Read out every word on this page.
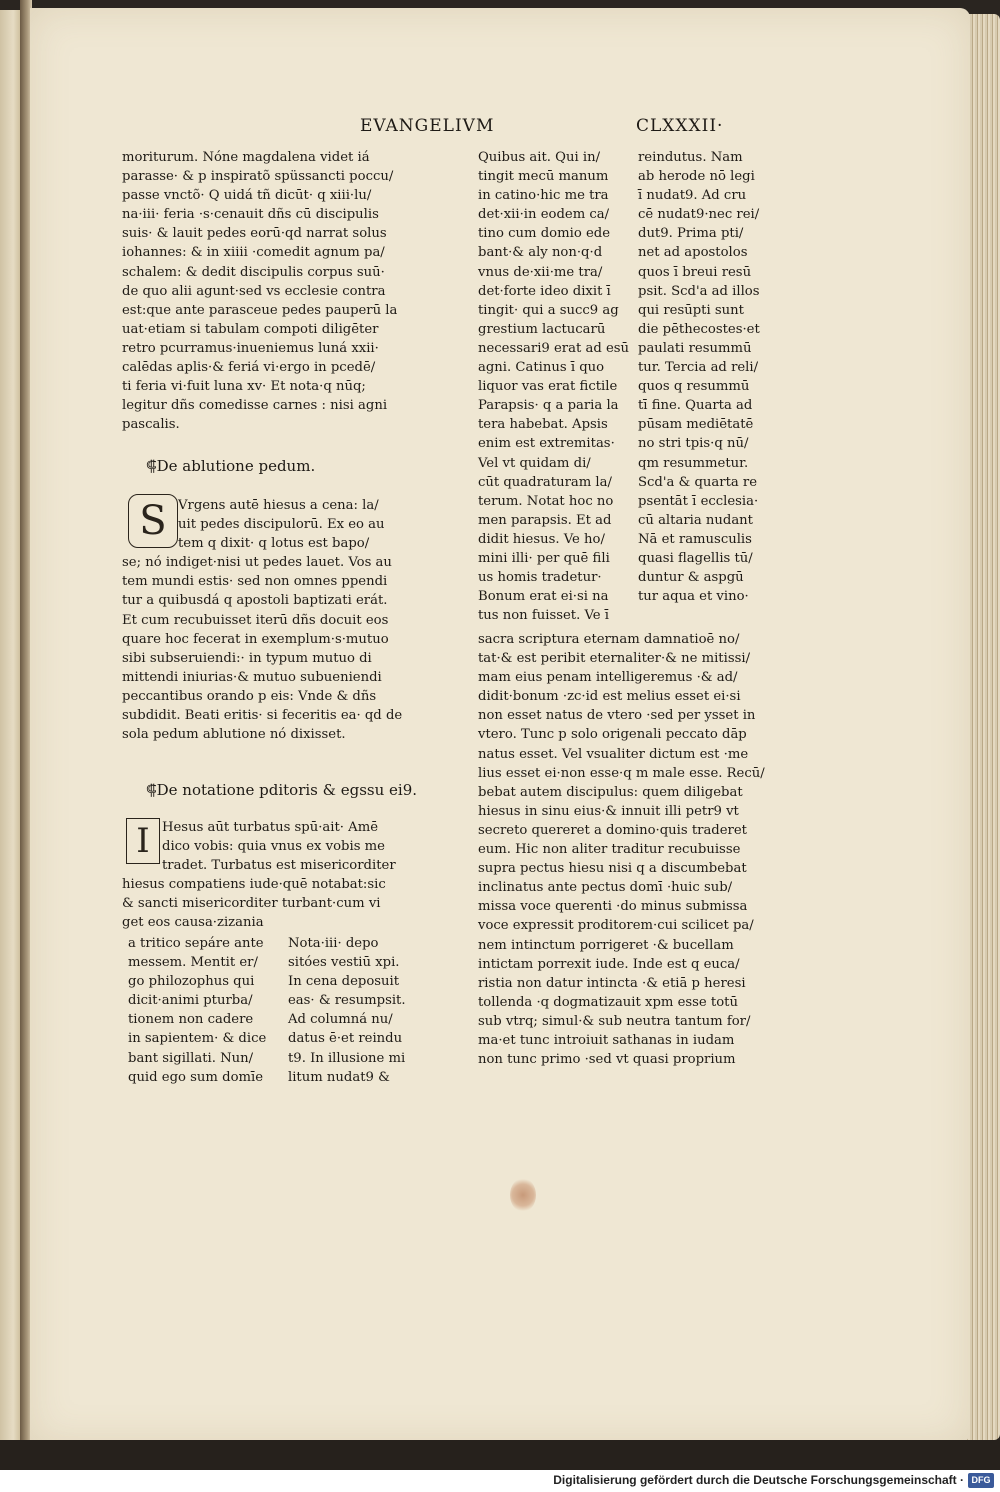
EVANGELIVM	CLXXXII·
moriturum. Nóne magdalena videt iá
parasse· & p inspiratõ spüssancti poccu/
passe vnctõ· Q uidá tñ dicūt· q xiii·lu/
na·iii· feria ·s·cenauit dñs cū discipulis
suis· & lauit pedes eorū·qd narrat solus
iohannes: & in xiiii ·comedit agnum pa/
schalem: & dedit discipulis corpus suū·
de quo alii agunt·sed vs ecclesie contra
est:que ante parasceue pedes pauperū la
uat·etiam si tabulam compoti diligēter
retro pcurramus·inueniemus luná xxii·
calēdas aplis·& feriá vi·ergo in pcedē/
ti feria vi·fuit luna xv· Et nota·q nūq;
legitur dñs comedisse carnes : nisi agni
pascalis.
⸿De ablutione pedum.
S Vrgens autē hiesus a cena: la/
uit pedes discipulorū. Ex eo au
tem q dixit· q lotus est bapo/
se; nó indiget·nisi ut pedes lauet. Vos au
tem mundi estis· sed non omnes ppendi
tur a quibusdá q apostoli baptizati erát.
Et cum recubuisset iterū dñs docuit eos
quare hoc fecerat in exemplum·s·mutuo
sibi subseruiendi:· in typum mutuo di
mittendi iniurias·& mutuo subueniendi
peccantibus orando p eis: Vnde & dñs
subdidit. Beati eritis· si feceritis ea· qd de
sola pedum ablutione nó dixisset.
⸿De notatione pditoris & egssu ei9.
I Hesus aūt turbatus spū·ait· Amē
dico vobis: quia vnus ex vobis me
tradet. Turbatus est misericorditer
hiesus compatiens iude·quē notabat:sic
& sancti misericorditer turbant·cum vi
get eos causa·zizania
a tritico sepáre ante
messem. Mentit er/
go philozophus qui
dicit·animi pturba/
tionem non cadere
in sapientem· & dice
bant sigillati. Nun/
quid ego sum domīe
Nota·iii· depo
sitóes vestiū xpi.
In cena deposuit
eas· & resumpsit.
Ad columná nu/
datus ē·et reindu
t9. In illusione mi
litum nudat9 &
Quibus ait. Qui in/
tingit mecū manum
in catino·hic me tra
det·xii·in eodem ca/
tino cum domio ede
bant·& aly non·q·d
vnus de·xii·me tra/
det·forte ideo dixit ī
tingit· qui a succ9 ag
grestium lactucarū
necessari9 erat ad esū
agni. Catinus ī quo
liquor vas erat fictile
Parapsis· q a paria la
tera habebat. Apsis
enim est extremitas·
Vel vt quidam di/
cūt quadraturam la/
terum. Notat hoc no
men parapsis. Et ad
didit hiesus. Ve ho/
mini illi· per quē fili
us homis tradetur·
Bonum erat ei·si na
tus non fuisset. Ve ī
reindutus. Nam
ab herode nō legi
ī nudat9. Ad cru
cē nudat9·nec rei/
dut9. Prima pti/
net ad apostolos
quos ī breui resū
psit. Scd'a ad illos
qui resūpti sunt
die pēthecostes·et
paulati resummū
tur. Tercia ad reli/
quos q resummū
tī fine. Quarta ad
pūsam mediētatē
no stri tpis·q nū/
qm resummetur.
Scd'a & quarta re
psentāt ī ecclesia·
cū altaria nudant
Nā et ramusculis
quasi flagellis tū/
duntur & aspgū
tur aqua et vino·
sacra scriptura eternam damnatioē no/
tat·& est peribit eternaliter·& ne mitissi/
mam eius penam intelligeremus ·& ad/
didit·bonum ·zc·id est melius esset ei·si
non esset natus de vtero ·sed per ysset in
vtero. Tunc p solo origenali peccato dāp
natus esset. Vel vsualiter dictum est ·me
lius esset ei·non esse·q m male esse. Recū/
bebat autem discipulus: quem diligebat
hiesus in sinu eius·& innuit illi petr9 vt
secreto quereret a domino·quis traderet
eum. Hic non aliter traditur recubuisse
supra pectus hiesu nisi q a discumbebat
inclinatus ante pectus domī ·huic sub/
missa voce querenti ·do minus submissa
voce expressit proditorem·cui scilicet pa/
nem intinctum porrigeret ·& bucellam
intictam porrexit iude. Inde est q euca/
ristia non datur intincta ·& etiā p heresi
tollenda ·q dogmatizauit xpm esse totū
sub vtrq; simul·& sub neutra tantum for/
ma·et tunc introiuit sathanas in iudam
non tunc primo ·sed vt quasi proprium
Digitalisierung gefördert durch die Deutsche Forschungsgemeinschaft · DFG
